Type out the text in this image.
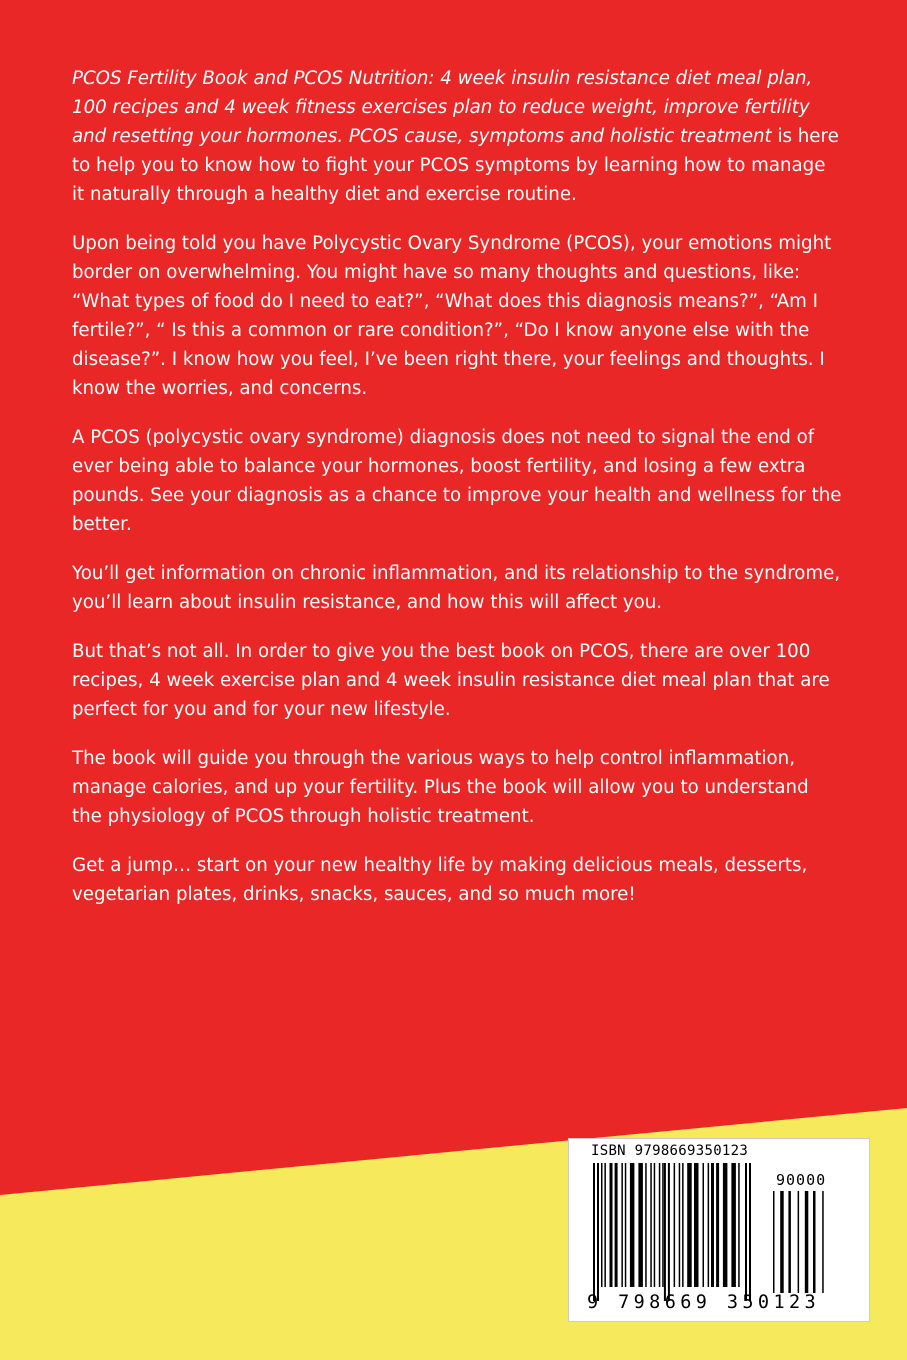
PCOS Fertility Book and PCOS Nutrition: 4 week insulin resistance diet meal plan, 100 recipes and 4 week fitness exercises plan to reduce weight, improve fertility and resetting your hormones. PCOS cause, symptoms and holistic treatment is here to help you to know how to fight your PCOS symptoms by learning how to manage it naturally through a healthy diet and exercise routine.

Upon being told you have Polycystic Ovary Syndrome (PCOS), your emotions might border on overwhelming. You might have so many thoughts and questions, like: “What types of food do I need to eat?”, “What does this diagnosis means?”, “Am I fertile?”, “ Is this a common or rare condition?”, “Do I know anyone else with the disease?”. I know how you feel, I’ve been right there, your feelings and thoughts. I know the worries, and concerns.

A PCOS (polycystic ovary syndrome) diagnosis does not need to signal the end of ever being able to balance your hormones, boost fertility, and losing a few extra pounds. See your diagnosis as a chance to improve your health and wellness for the better.

You’ll get information on chronic inflammation, and its relationship to the syndrome, you’ll learn about insulin resistance, and how this will affect you.

But that’s not all. In order to give you the best book on PCOS, there are over 100 recipes, 4 week exercise plan and 4 week insulin resistance diet meal plan that are perfect for you and for your new lifestyle.

The book will guide you through the various ways to help control inflammation, manage calories, and up your fertility. Plus the book will allow you to understand the physiology of PCOS through holistic treatment.

Get a jump… start on your new healthy life by making delicious meals, desserts, vegetarian plates, drinks, snacks, sauces, and so much more!

ISBN 9798669350123
90000
9 798669 350123
